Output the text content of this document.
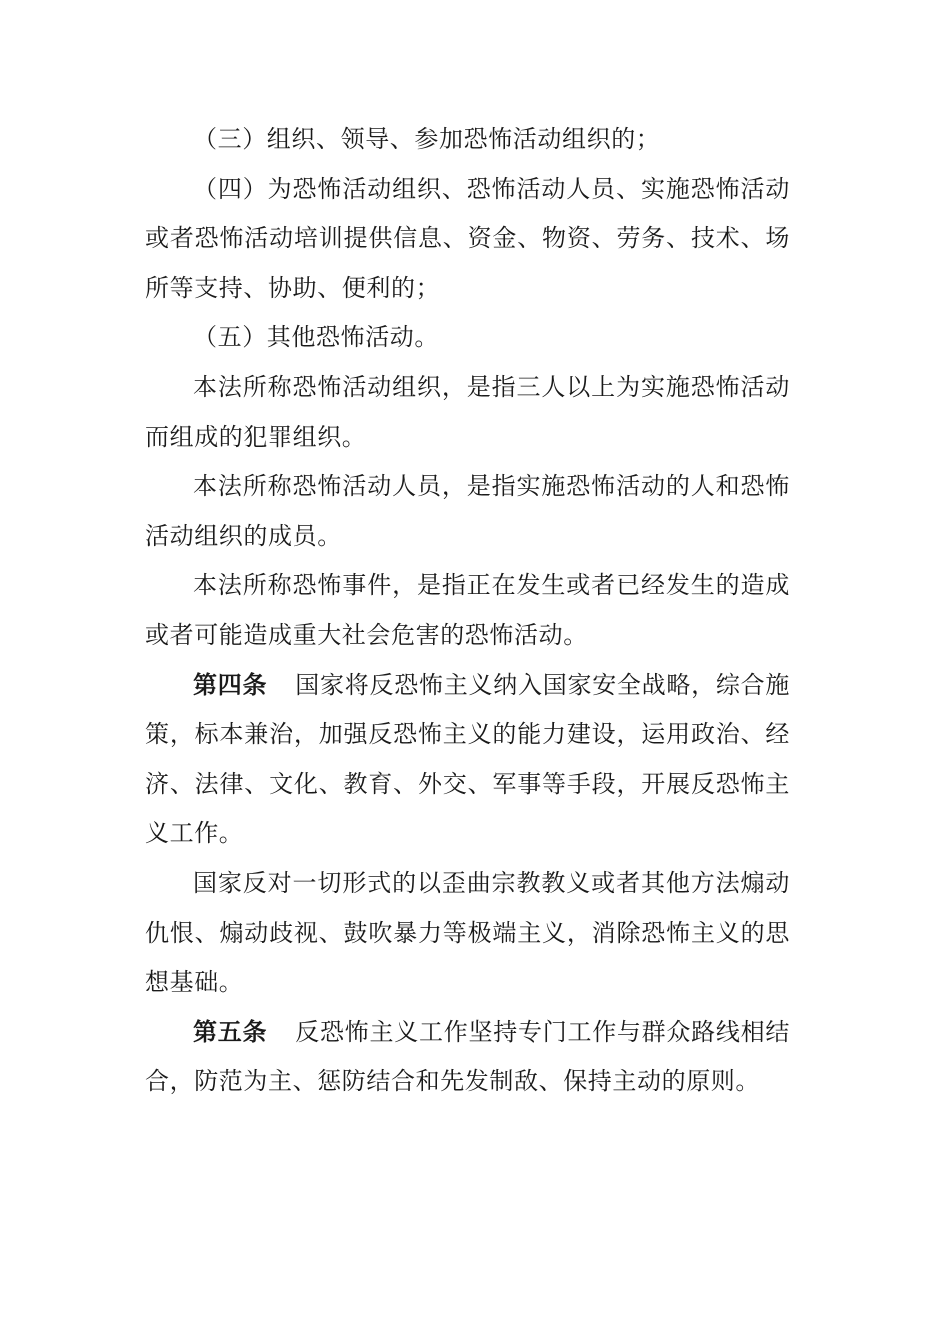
（三）组织、领导、参加恐怖活动组织的；

（四）为恐怖活动组织、恐怖活动人员、实施恐怖活动或者恐怖活动培训提供信息、资金、物资、劳务、技术、场所等支持、协助、便利的；

（五）其他恐怖活动。

本法所称恐怖活动组织，是指三人以上为实施恐怖活动而组成的犯罪组织。

本法所称恐怖活动人员，是指实施恐怖活动的人和恐怖活动组织的成员。

本法所称恐怖事件，是指正在发生或者已经发生的造成或者可能造成重大社会危害的恐怖活动。

第四条 国家将反恐怖主义纳入国家安全战略，综合施策，标本兼治，加强反恐怖主义的能力建设，运用政治、经济、法律、文化、教育、外交、军事等手段，开展反恐怖主义工作。

国家反对一切形式的以歪曲宗教教义或者其他方法煽动仇恨、煽动歧视、鼓吹暴力等极端主义，消除恐怖主义的思想基础。

第五条 反恐怖主义工作坚持专门工作与群众路线相结合，防范为主、惩防结合和先发制敌、保持主动的原则。
